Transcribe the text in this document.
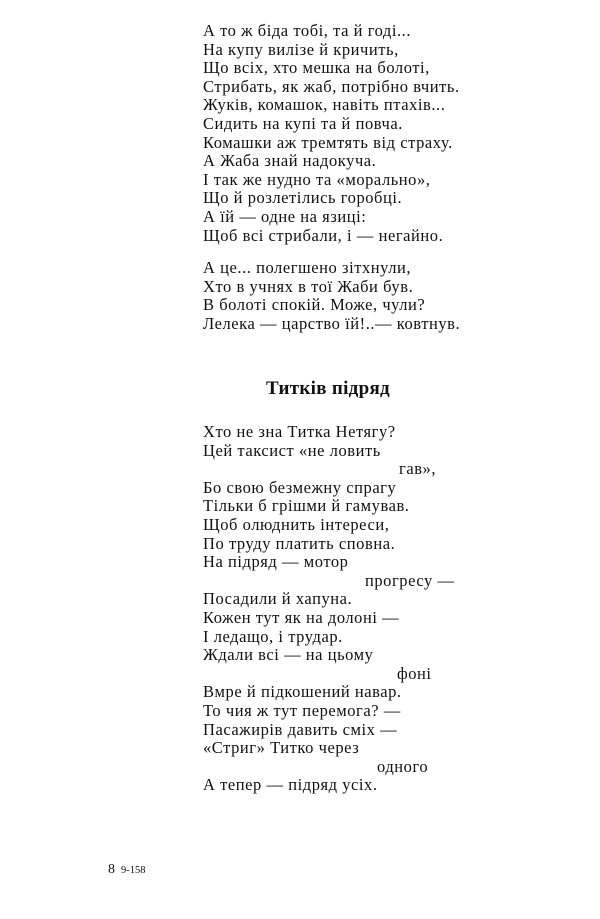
А то ж біда тобі, та й годі...
На купу вилізе й кричить,
Що всіх, хто мешка на болоті,
Стрибать, як жаб, потрібно вчить.
Жуків, комашок, навіть птахів...
Сидить на купі та й повча.
Комашки аж тремтять від страху.
А Жаба знай надокуча.
І так же нудно та «морально»,
Що й розлетілись горобці.
А їй — одне на язиці:
Щоб всі стрибали, і — негайно.
А це... полегшено зітхнули,
Хто в учнях в тої Жаби був.
В болоті спокій. Може, чули?
Лелека — царство їй!..— ковтнув.
Титків підряд
Хто не зна Титка Нетягу?
Цей таксист «не ловить
гав»,
Бо свою безмежну спрагу
Тільки б грішми й гамував.
Щоб олюднить інтереси,
По труду платить сповна.
На підряд — мотор
прогресу —
Посадили й хапуна.
Кожен тут як на долоні —
І ледащо, і трудар.
Ждали всі — на цьому
фоні
Вмре й підкошений навар.
То чия ж тут перемога? —
Пасажирів давить сміх —
«Стриг» Титко через
одного
А тепер — підряд усіх.
8 9-158
